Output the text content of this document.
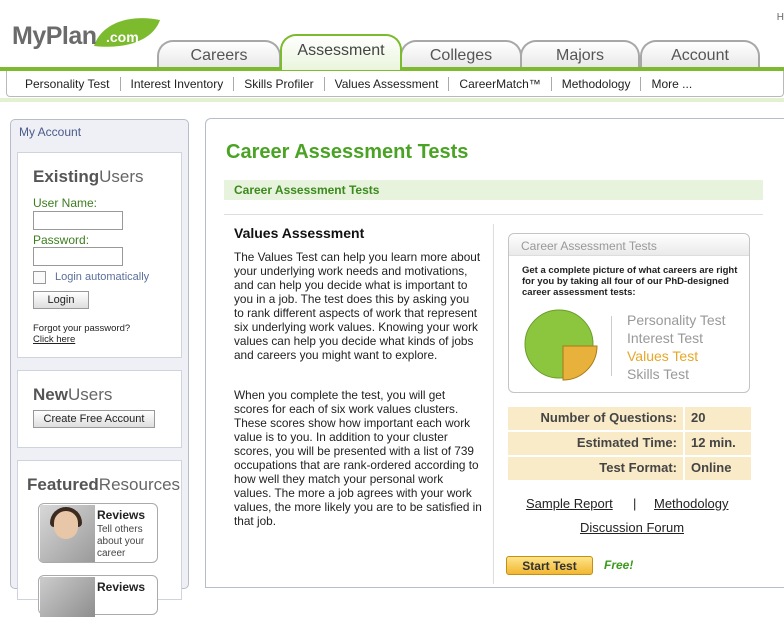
MyPlan .com
H
Careers	Assessment	Colleges	Majors	Account
Personality Test	Interest Inventory	Skills Profiler	Values Assessment	CareerMatch™	Methodology	More ...
My Account
ExistingUsers
User Name:
Password:
Login automatically
Login
Forgot your password?
Click here
NewUsers
Create Free Account
FeaturedResources
Reviews
Tell others about your career
Reviews
Career Assessment Tests
Career Assessment Tests
Values Assessment
The Values Test can help you learn more about your underlying work needs and motivations, and can help you decide what is important to you in a job. The test does this by asking you to rank different aspects of work that represent six underlying work values. Knowing your work values can help you decide what kinds of jobs and careers you might want to explore.
When you complete the test, you will get scores for each of six work values clusters. These scores show how important each work value is to you. In addition to your cluster scores, you will be presented with a list of 739 occupations that are rank-ordered according to how well they match your personal work values. The more a job agrees with your work values, the more likely you are to be satisfied in that job.
Career Assessment Tests
Get a complete picture of what careers are right for you by taking all four of our PhD-designed career assessment tests:
Personality Test
Interest Test
Values Test
Skills Test
Number of Questions:	20
Estimated Time:	12 min.
Test Format:	Online
Sample Report | Methodology
Discussion Forum
Start Test	Free!
